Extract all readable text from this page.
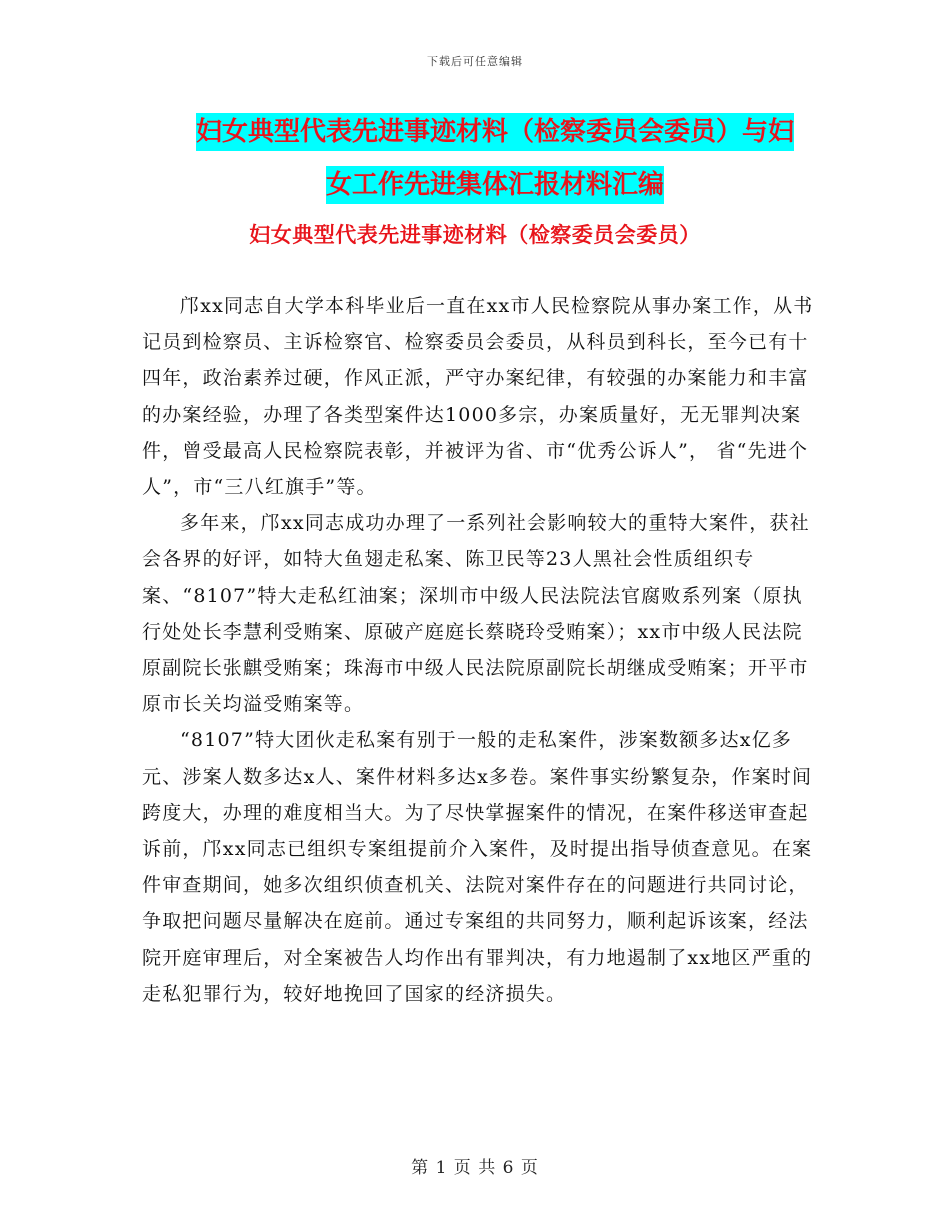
下载后可任意编辑
妇女典型代表先进事迹材料（检察委员会委员）与妇
女工作先进集体汇报材料汇编
妇女典型代表先进事迹材料（检察委员会委员）

邝xx同志自大学本科毕业后一直在xx市人民检察院从事办案工作，从书记员到检察员、主诉检察官、检察委员会委员，从科员到科长，至今已有十四年，政治素养过硬，作风正派，严守办案纪律，有较强的办案能力和丰富的办案经验，办理了各类型案件达1000多宗，办案质量好，无无罪判决案件，曾受最高人民检察院表彰，并被评为省、市“优秀公诉人”， 省“先进个人”，市“三八红旗手”等。

多年来，邝xx同志成功办理了一系列社会影响较大的重特大案件，获社会各界的好评，如特大鱼翅走私案、陈卫民等23人黑社会性质组织专案、“8107”特大走私红油案；深圳市中级人民法院法官腐败系列案（原执行处处长李慧利受贿案、原破产庭庭长蔡晓玲受贿案）；xx市中级人民法院原副院长张麒受贿案；珠海市中级人民法院原副院长胡继成受贿案；开平市原市长关均溢受贿案等。

“8107”特大团伙走私案有别于一般的走私案件，涉案数额多达x亿多元、涉案人数多达x人、案件材料多达x多卷。案件事实纷繁复杂，作案时间跨度大，办理的难度相当大。为了尽快掌握案件的情况，在案件移送审查起诉前，邝xx同志已组织专案组提前介入案件，及时提出指导侦查意见。在案件审查期间，她多次组织侦查机关、法院对案件存在的问题进行共同讨论，争取把问题尽量解决在庭前。通过专案组的共同努力，顺利起诉该案，经法院开庭审理后，对全案被告人均作出有罪判决，有力地遏制了xx地区严重的走私犯罪行为，较好地挽回了国家的经济损失。

第 1 页 共 6 页
